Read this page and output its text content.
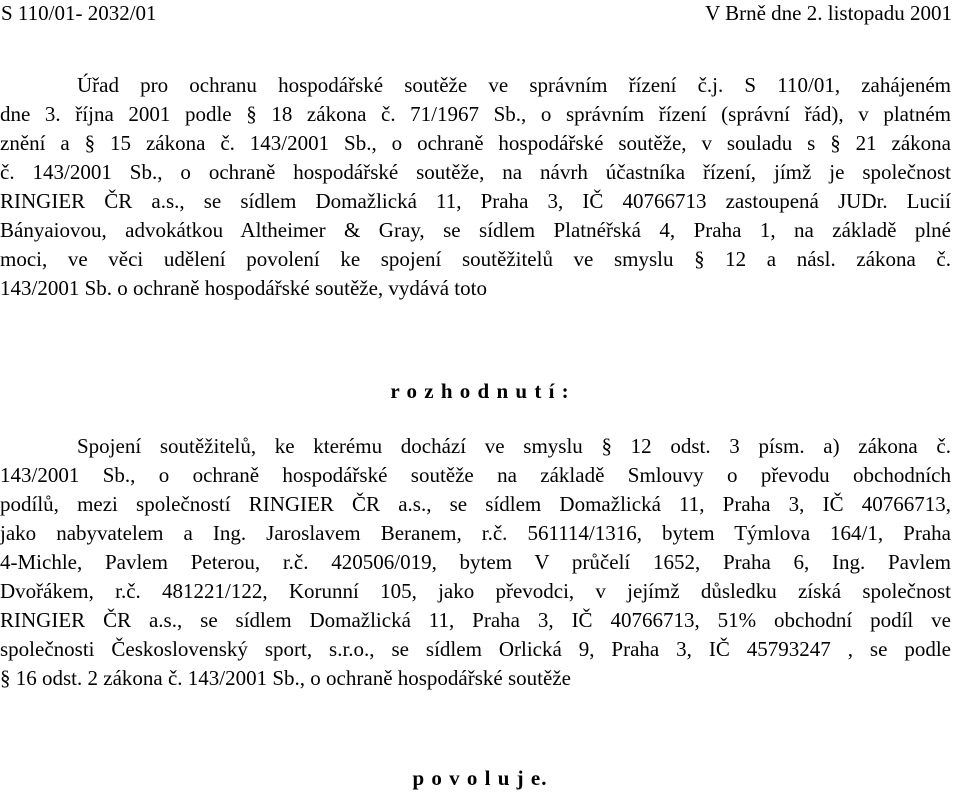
S 110/01- 2032/01	V Brně dne 2. listopadu 2001
Úřad pro ochranu hospodářské soutěže ve správním řízení č.j. S 110/01, zahájeném
dne 3. října 2001 podle § 18 zákona č. 71/1967 Sb., o správním řízení (správní řád), v platném
znění a § 15 zákona č. 143/2001 Sb., o ochraně hospodářské soutěže, v souladu s § 21 zákona
č. 143/2001 Sb., o ochraně hospodářské soutěže, na návrh účastníka řízení, jímž je společnost
RINGIER ČR a.s., se sídlem Domažlická 11, Praha 3, IČ 40766713 zastoupená JUDr. Lucií
Bányaiovou, advokátkou Altheimer & Gray, se sídlem Platnéřská 4, Praha 1, na základě plné
moci, ve věci udělení povolení ke spojení soutěžitelů ve smyslu § 12 a násl. zákona č.
143/2001 Sb. o ochraně hospodářské soutěže, vydává toto
r o z h o d n u t í :
Spojení soutěžitelů, ke kterému dochází ve smyslu § 12 odst. 3 písm. a) zákona č.
143/2001 Sb., o ochraně hospodářské soutěže na základě Smlouvy o převodu obchodních
podílů, mezi společností RINGIER ČR a.s., se sídlem Domažlická 11, Praha 3, IČ 40766713,
jako nabyvatelem a Ing. Jaroslavem Beranem, r.č. 561114/1316, bytem Týmlova 164/1, Praha
4-Michle, Pavlem Peterou, r.č. 420506/019, bytem V průčelí 1652, Praha 6, Ing. Pavlem
Dvořákem, r.č. 481221/122, Korunní 105, jako převodci, v jejímž důsledku získá společnost
RINGIER ČR a.s., se sídlem Domažlická 11, Praha 3, IČ 40766713, 51% obchodní podíl ve
společnosti Československý sport, s.r.o., se sídlem Orlická 9, Praha 3, IČ 45793247 , se podle
§ 16 odst. 2 zákona č. 143/2001 Sb., o ochraně hospodářské soutěže
p o v o l u j e.
